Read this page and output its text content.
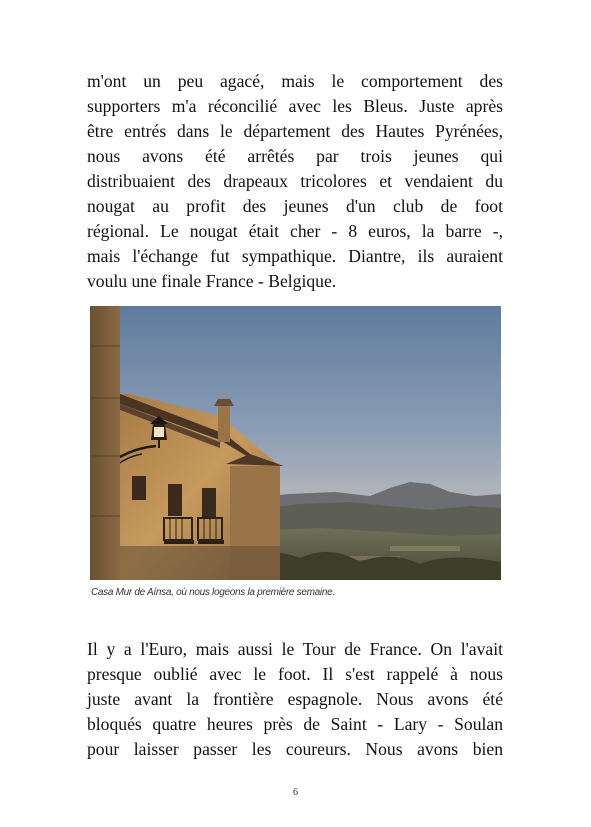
m'ont un peu agacé, mais le comportement des
supporters m'a réconcilié avec les Bleus. Juste après
être entrés dans le département des Hautes Pyrénées,
nous avons été arrêtés par trois jeunes qui
distribuaient des drapeaux tricolores et vendaient du
nougat au profit des jeunes d'un club de foot
régional. Le nougat était cher - 8 euros, la barre -,
mais l'échange fut sympathique. Diantre, ils auraient
voulu une finale France - Belgique.
Casa Mur de Aínsa, où nous logeons la première semaine.
Il y a l'Euro, mais aussi le Tour de France. On l'avait
presque oublié avec le foot. Il s'est rappelé à nous
juste avant la frontière espagnole. Nous avons été
bloqués quatre heures près de Saint - Lary - Soulan
pour laisser passer les coureurs. Nous avons bien
6
